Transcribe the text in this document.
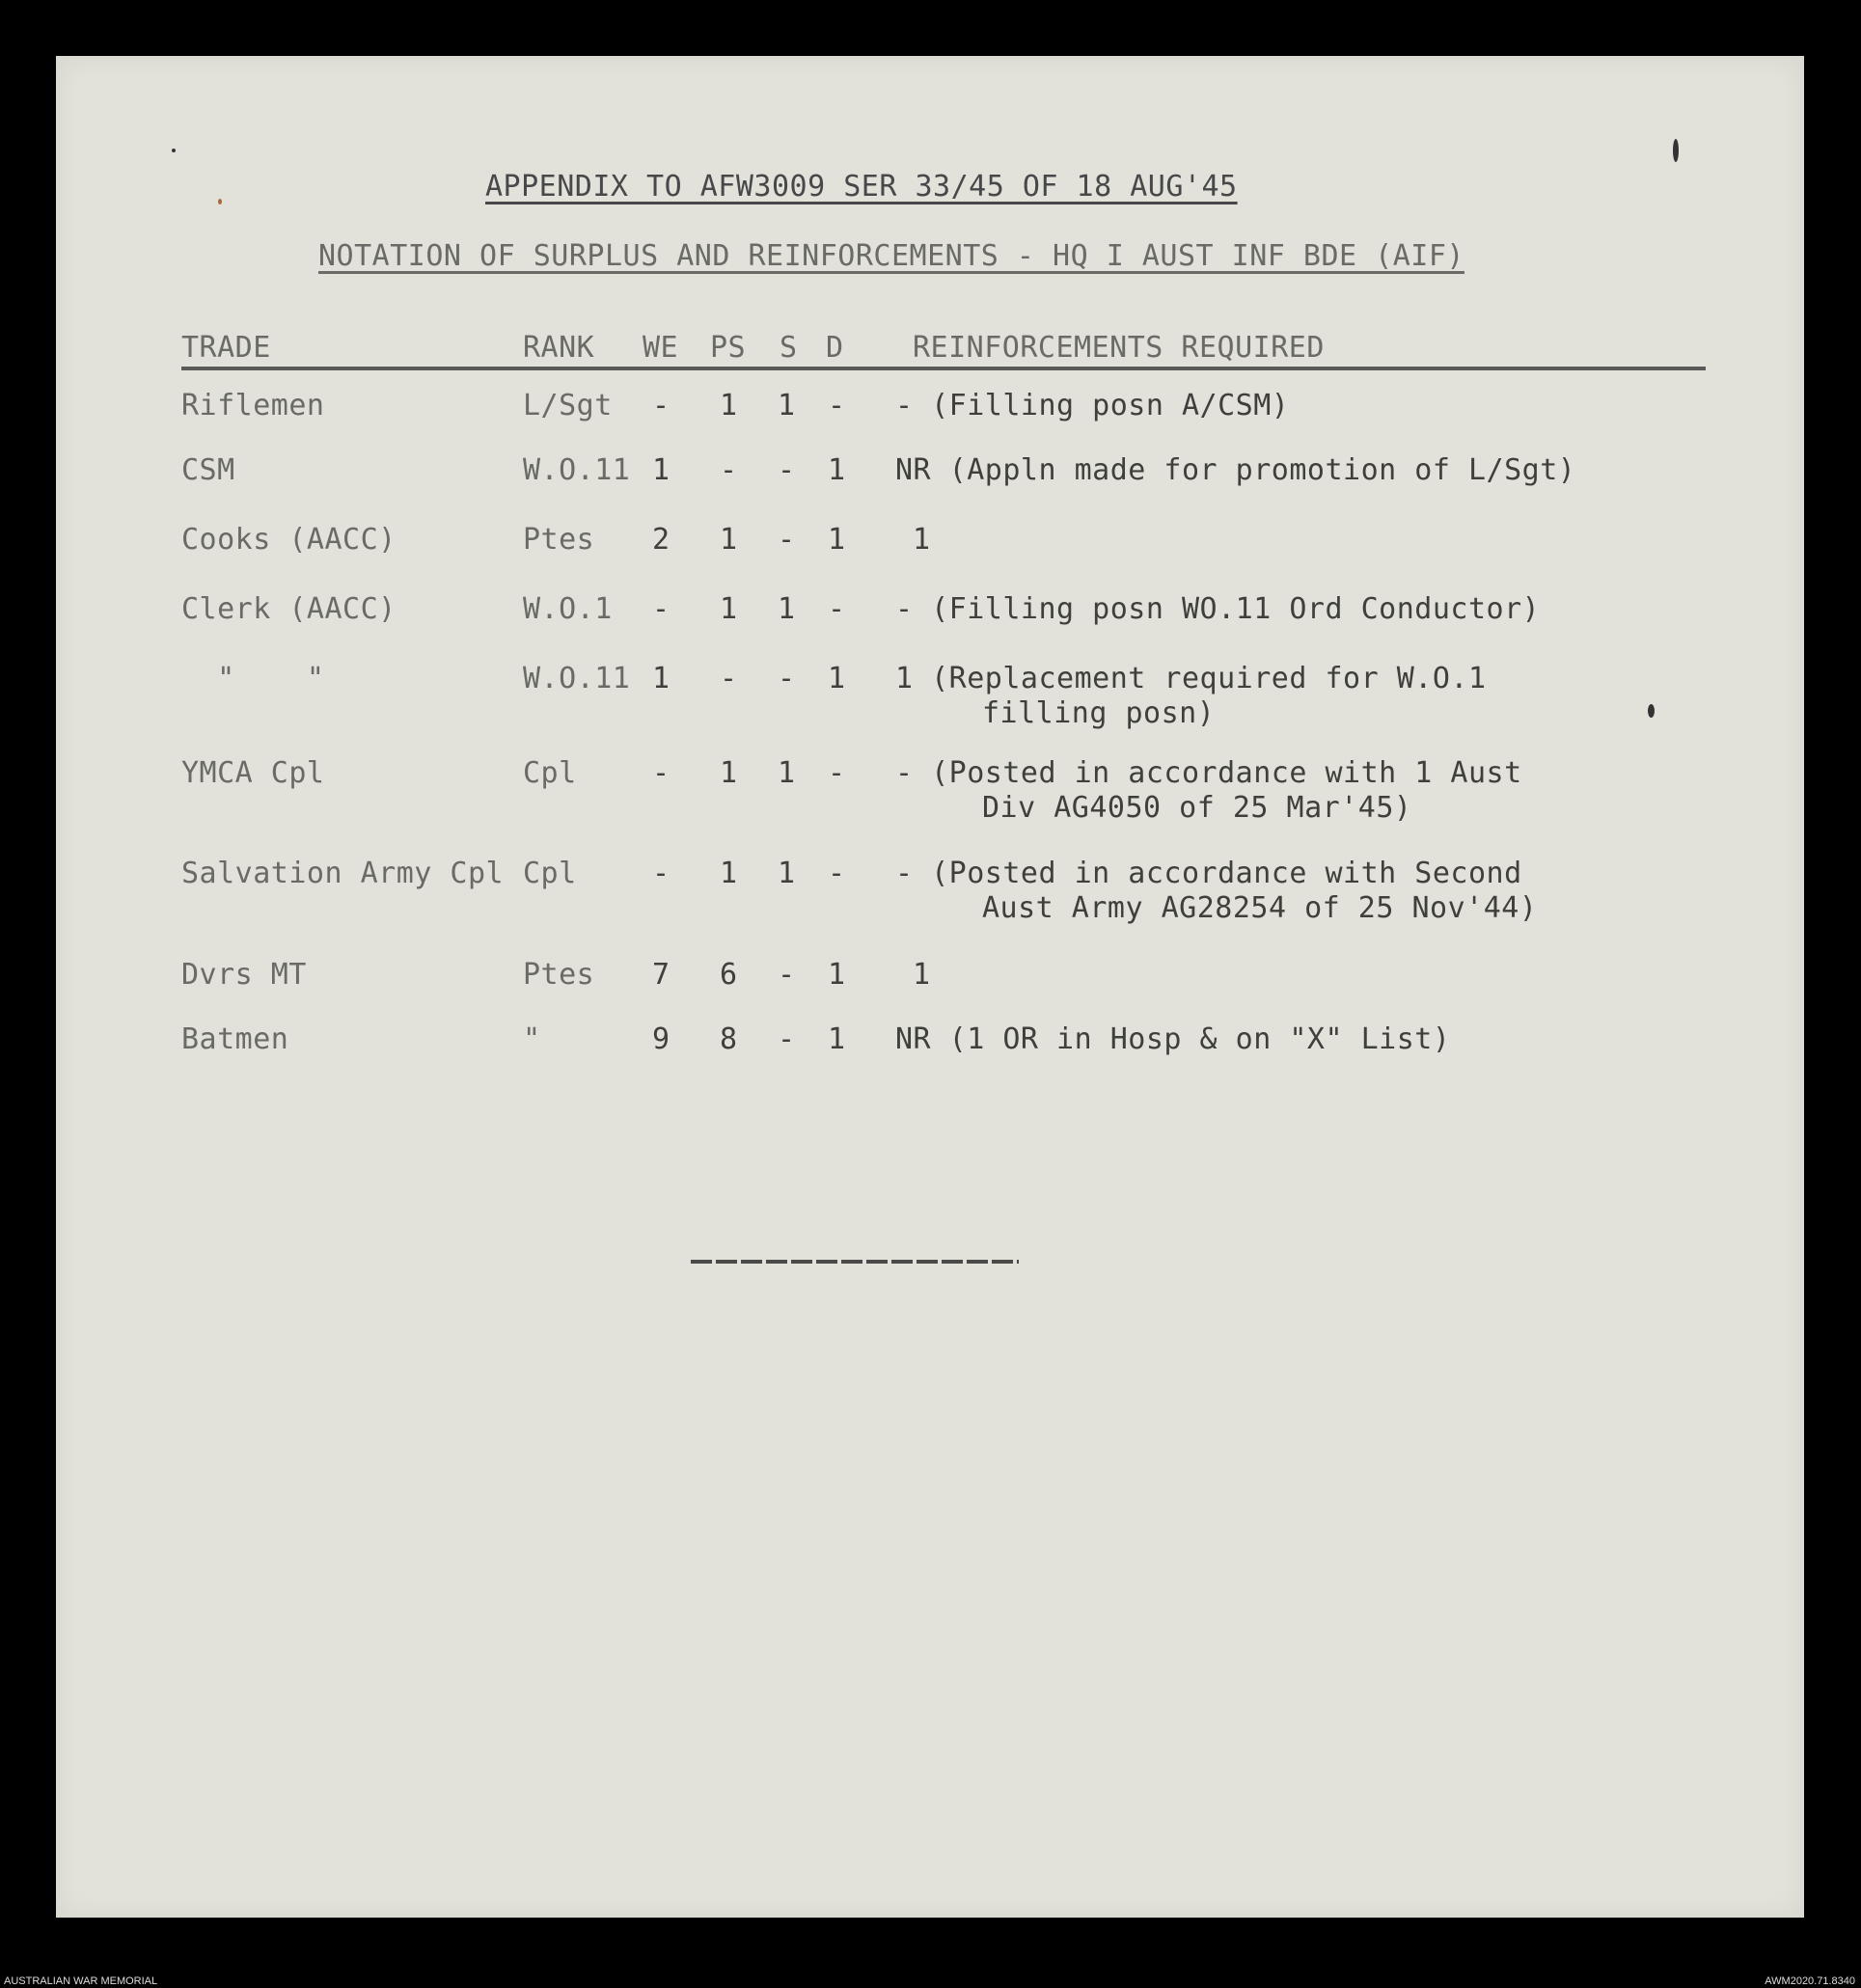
APPENDIX TO AFW3009 SER 33/45 OF 18 AUG'45
NOTATION OF SURPLUS AND REINFORCEMENTS - HQ I AUST INF BDE (AIF)
TRADE	RANK WE PS S D REINFORCEMENTS REQUIRED
Riflemen	L/Sgt - 1 1 - - (Filling posn A/CSM)
CSM	W.O.11 1 - - 1 NR (Appln made for promotion of L/Sgt)
Cooks (AACC)	Ptes 2 1 - 1 1
Clerk (AACC)	W.O.1 - 1 1 - - (Filling posn WO.11 Ord Conductor)
"    "	W.O.11 1 - - 1 1 (Replacement required for W.O.1
filling posn)
YMCA Cpl	Cpl	- 1 1 - - (Posted in accordance with 1 Aust
Div AG4050 of 25 Mar'45)
Salvation Army Cpl Cpl	- 1 1 - - (Posted in accordance with Second
Aust Army AG28254 of 25 Nov'44)
Dvrs MT	Ptes 7 6 - 1 1
Batmen	"	9 8 - 1 NR (1 OR in Hosp & on "X" List)
AUSTRALIAN WAR MEMORIAL	AWM2020.71.8340
